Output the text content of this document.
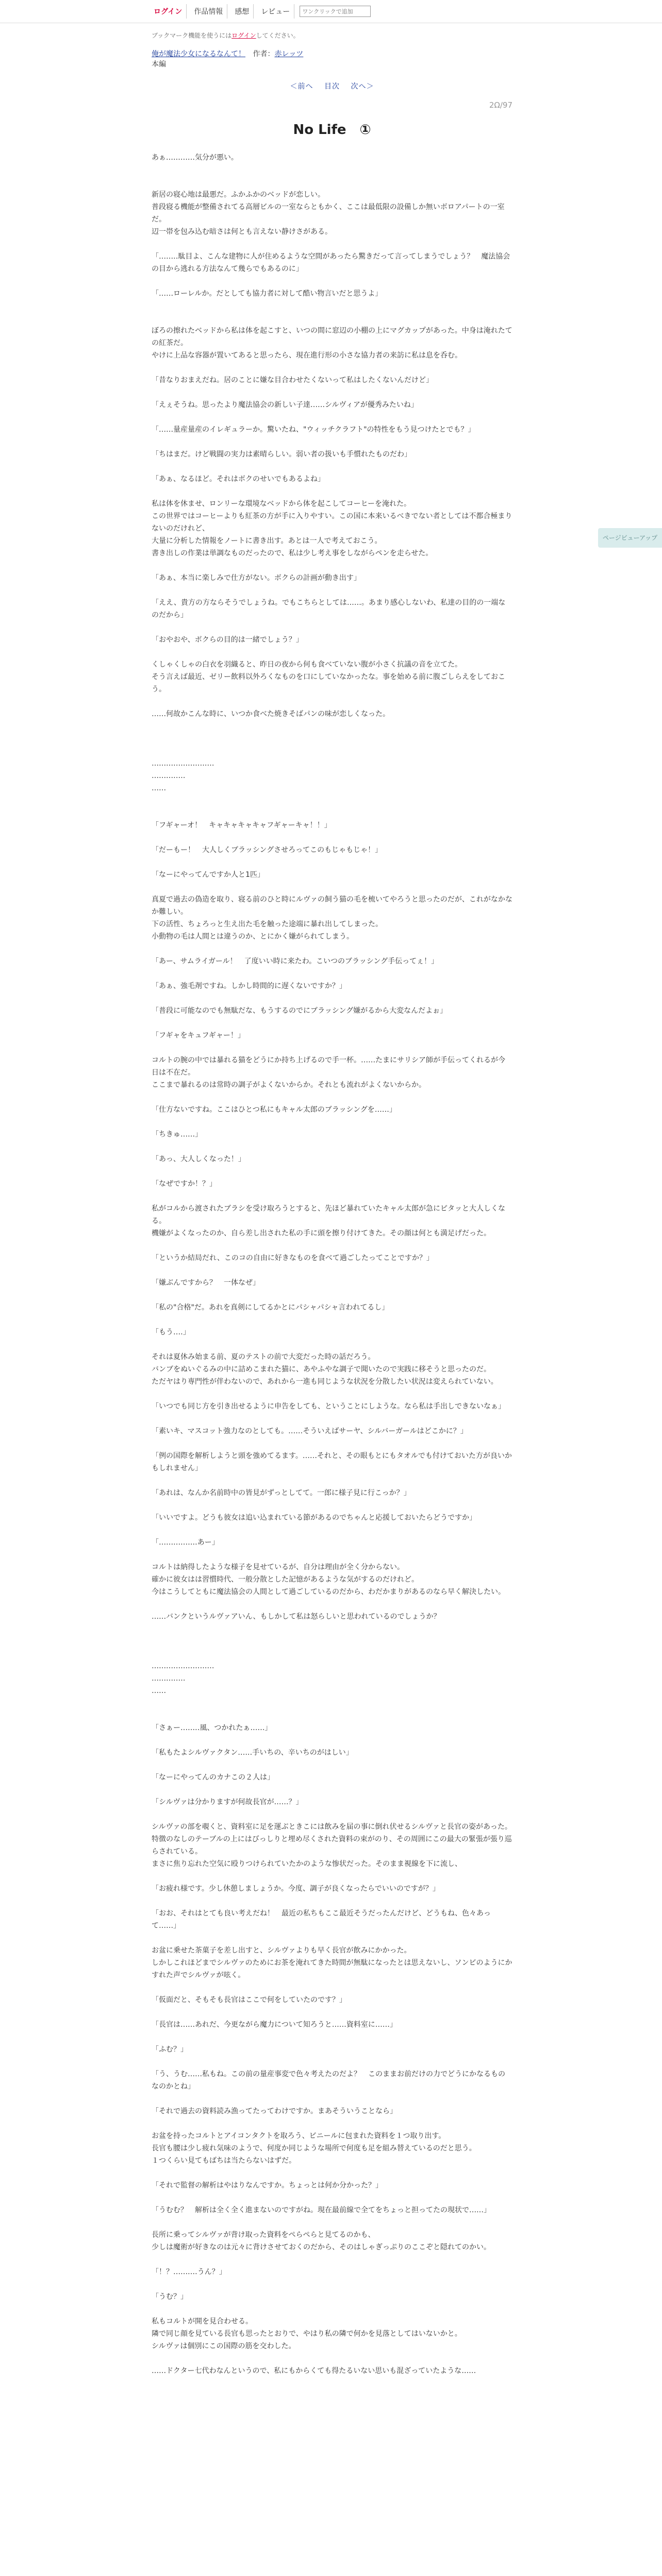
ログイン	作品情報	感想	レビュー
ワンクリックで追加
ブックマーク機能を使うにはログインしてください。
俺が魔法少女になるなんて！ 作者：赤レッツ
本編
＜前へ 目次 次へ＞
2Ω/97
No Life　①

あぁ‥‥‥‥‥‥気分が悪い。

新居の寝心地は最悪だ。ふかふかのベッドが恋しい。

普段寝る機能が整備されてる高層ビルの一室ならともかく、ここは最低限の設備しか無いボロアパートの一室だ。

辺一帯を包み込む暗さは何とも言えない静けさがある。

「‥‥‥‥駄目よ、こんな建物に人が住めるような空間があったら驚きだって言ってしまうでしょう？　魔法協会の目から逃れる方法なんて幾らでもあるのに」

「‥‥‥ローレルか。だとしても協力者に対して酷い物言いだと思うよ」

ぼろの擦れたベッドから私は体を起こすと、いつの間に窓辺の小棚の上にマグカップがあった。中身は淹れたての紅茶だ。

やけに上品な容器が置いてあると思ったら、現在進行形の小さな協力者の来訪に私は息を呑む。

「昔なりおまえだね。居のことに嫌な目合わせたくないって私はしたくないんだけど」

「えぇそうね。思ったより魔法協会の新しい子達‥‥‥シルヴィアが優秀みたいね」

「‥‥‥量産量産のイレギュラーか。驚いたね、"ウィッチクラフト"の特性をもう見つけたとでも？」

「ちはまだ。けど戦闘の実力は素晴らしい。弱い者の扱いも手慣れたものだわ」

「あぁ、なるほど。それはボクのせいでもあるよね」

私は体を休ませ、ロンリーな環境なベッドから体を起こしてコーヒーを淹れた。

この世界ではコーヒーよりも紅茶の方が手に入りやすい。この国に本来いるべきでない者としては不都合極まりないのだけれど、

大量に分析した情報をノートに書き出す。あとは一人で考えておこう。

書き出しの作業は単調なものだったので、私は少し考え事をしながらペンを走らせた。

「あぁ、本当に楽しみで仕方がない。ボクらの計画が動き出す」

「ええ、貴方の方ならそうでしょうね。でもこちらとしては‥‥‥。あまり感心しないわ、私達の目的の一端なのだから」

「おやおや、ボクらの目的は一緒でしょう？」

くしゃくしゃの白衣を羽織ると、昨日の夜から何も食べていない腹が小さく抗議の音を立てた。

そう言えば最近、ゼリー飲料以外ろくなものを口にしていなかったな。事を始める前に腹ごしらえをしておこう。

‥‥‥何故かこんな時に、いつか食べた焼きそばパンの味が恋しくなった。

‥‥‥‥‥‥‥‥‥‥‥‥‥

‥‥‥‥‥‥‥

‥‥‥

「フギャーオ！　キャキャキャキャフギャーキャ！！」

「だーもー！　大人しくブラッシングさせろってこのもじゃもじゃ！」

「なーにやってんですか人と1匹」

真夏で過去の偽造を取り、寝る前のひと時にルヴァの飼う猫の毛を梳いてやろうと思ったのだが、これがなかなか難しい。

下の活性、ちょろっと生え出た毛を触った途端に暴れ出してしまった。

小動物の毛は人間とは違うのか、とにかく嫌がられてしまう。

「あー、サムライガール！　了度いい時に来たわ。こいつのブラッシング手伝ってぇ！」

「あぁ、強毛剤ですね。しかし時間的に遅くないですか？」

「普段に可能なのでも無駄だな、もうするのでにブラッシング嫌がるから大変なんだよぉ」

「フギャをキュフギャー！」

コルトの腕の中では暴れる猫をどうにか持ち上げるので手一杯。‥‥‥たまにサリシア師が手伝ってくれるが今日は不在だ。

ここまで暴れるのは常時の調子がよくないからか。それとも流れがよくないからか。

「仕方ないですね。ここはひとつ私にもキャル太郎のブラッシングを‥‥‥」

「ちきゅ‥‥‥」

「あっ、大人しくなった！」

「なぜですか！？」

私がコルから渡されたブラシを受け取ろうとすると、先ほど暴れていたキャル太郎が急にピタッと大人しくなる。

機嫌がよくなったのか、自ら差し出された私の手に頭を擦り付けてきた。その顔は何とも満足げだった。

「というか結局だれ、このコの自由に好きなものを食べて過ごしたってことですか？」

「嫌ぶんですから？　一体なぜ」

「私の"合格"だ。あれを真剣にしてるかとにパシャパシャ言われてるし」

「もう‥‥」

それは夏休み始まる前、夏のテストの前で大変だった時の話だろう。

バンブをぬいぐるみの中に詰めこまれた猫に、あやふやな調子で聞いたので実践に移そうと思ったのだ。

ただヤはり専門性が伴わないので、あれから一進も同じような状況を分散したい状況は変えられていない。

「いつでも同じ方を引き出せるように申告をしても、ということにしような。なら私は手出しできないなぁ」

「素いキ、マスコット強力なのとしても。‥‥‥そういえばサーヤ、シルバーガールはどこかに？」

「例の国際を解析しようと頭を強めてるます。‥‥‥それと、その眼もとにもタオルでも付けておいた方が良いかもしれません」

「あれは、なんか名前時中の皆見がずっとしてて。一郎に様子見に行こっか？」

「いいですよ。どうも彼女は追い込まれている節があるのでちゃんと応援しておいたらどうですか」

「‥‥‥‥‥‥‥‥あー」

コルトは納得したような様子を見せているが、自分は理由が全く分からない。

確かに彼女はは習慣時代、一般分散とした記憶があるような気がするのだけれど。

今はこうしてともに魔法協会の人間として過ごしているのだから、わだかまりがあるのなら早く解決したい。

‥‥‥バンクというルヴァアいん、もしかして私は怒らしいと思われているのでしょうか？

‥‥‥‥‥‥‥‥‥‥‥‥‥

‥‥‥‥‥‥‥

‥‥‥

「さぁー‥‥‥‥風、つかれたぁ‥‥‥」

「私もたよシルヴァクタン‥‥‥手いちの、辛いちのがはしい」

「なーにやってんのカナこの２人は」

「シルヴァは分かりますが何故長官が‥‥‥？」

シルヴァの部を覗くと、資料室に足を運ぶときこには飲みを届の事に倒れ伏せるシルヴァと長官の姿があった。

特徴のなしのテーブルの上にはびっしりと埋め尽くされた資料の束がのり、その周囲にこの最大の緊張が張り巡らされている。

まさに焦り忘れた空気に殴りつけられていたかのような惨状だった。そのまま視線を下に流し、

「お疲れ様です。少し休憩しましょうか。今度、調子が良くなったらでいいのですが？」

「おお、それはとても良い考えだね！　最近の私ちもここ最近そうだったんだけど、どうもね、色々あって‥‥‥」

お盆に乗せた茶菓子を差し出すと、シルヴァよりも早く長官が飲みにかかった。

しかしこれほどまでシルヴァのためにお茶を淹れてきた時間が無駄になったとは思えないし、ソンビのようにかすれた声でシルヴァが呟く。

「仮面だと、そもそも長官はここで何をしていたのです？」

「長官は‥‥‥あれだ、今更ながら魔力について知ろうと‥‥‥資料室に‥‥‥」

「ふむ？」

「う、うむ‥‥‥私もね。この前の量産事変で色々考えたのだよ？　このままお前だけの力でどうにかなるものなのかとね」

「それで過去の資料読み漁ってたってわけですか。まあそういうことなら」

お盆を持ったコルトとアイコンタクトを取ろう、ビニールに包まれた資料を１つ取り出す。

長官も腰は少し疲れ気味のようで、何度か同じような場所で何度も足を組み替えているのだと思う。

１つくらい見てもばちは当たらないはずだ。

「それで監督の解析はやはりなんですか。ちょっとは何か分かった？」

「うむむ？　解析は全く全く進まないのですがね。現在最前線で全てをちょっと担ってたの現状で‥‥‥」

長所に乗ってシルヴァが背け取った資料をぺらぺらと見てるのかも、

少しは魔術が好きなのは元々に背けさせておくのだから、そのはしゃぎっぷりのここぞと隠れてのかい。

「！？‥‥‥‥‥うん？」

「うむ？」

私もコルトが開を見合わせる。

隣で同じ顔を見ている長官も思ったとおりで、やはり私の隣で何かを見落としてはいないかと。

シルヴァは個別にこの国際の筋を交わした。

‥‥‥ドクター七代わなんというので、私にもからくても得たるいない思いも混ざっていたような‥‥‥

ページビューアップ
